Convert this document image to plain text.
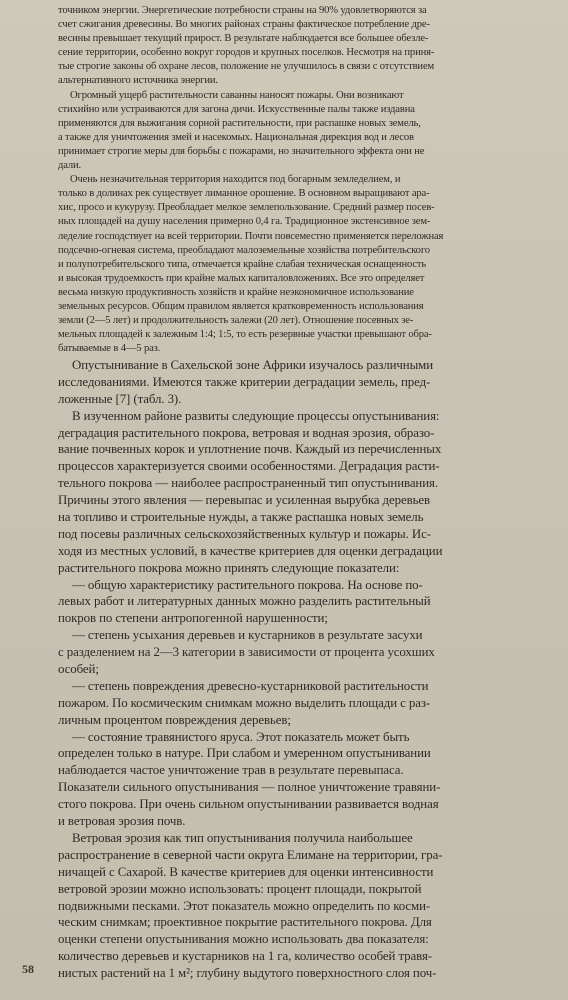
точником энергии. Энергетические потребности страны на 90% удовлетворяются за
счет сжигания древесины. Во многих районах страны фактическое потребление дре-
весины превышает текущий прирост. В результате наблюдается все большее обезле-
сение территории, особенно вокруг городов и крупных поселков. Несмотря на приня-
тые строгие законы об охране лесов, положение не улучшилось в связи с отсутствием
альтернативного источника энергии.
Огромный ущерб растительности саванны наносят пожары. Они возникают
стихийно или устраиваются для загона дичи. Искусственные палы также издавна
применяются для выжигания сорной растительности, при распашке новых земель,
а также для уничтожения змей и насекомых. Национальная дирекция вод и лесов
принимает строгие меры для борьбы с пожарами, но значительного эффекта они не
дали.
Очень незначительная территория находится под богарным земледелием, и
только в долинах рек существует лиманное орошение. В основном выращивают ара-
хис, просо и кукурузу. Преобладает мелкое землепользование. Средний размер посев-
ных площадей на душу населения примерно 0,4 га. Традиционное экстенсивное зем-
леделие господствует на всей территории. Почти повсеместно применяется переложная
подсечно-огневая система, преобладают малоземельные хозяйства потребительского
и полупотребительского типа, отмечается крайне слабая техническая оснащенность
и высокая трудоемкость при крайне малых капиталовложениях. Все это определяет
весьма низкую продуктивность хозяйств и крайне неэкономичное использование
земельных ресурсов. Общим правилом является кратковременность использования
земли (2—5 лет) и продолжительность залежи (20 лет). Отношение посевных зе-
мельных площадей к залежным 1:4; 1:5, то есть резервные участки превышают обра-
батываемые в 4—5 раз.
Опустынивание в Сахельской зоне Африки изучалось различными
исследованиями. Имеются также критерии деградации земель, пред-
ложенные [7] (табл. 3).
В изученном районе развиты следующие процессы опустынивания:
деградация растительного покрова, ветровая и водная эрозия, образо-
вание почвенных корок и уплотнение почв. Каждый из перечисленных
процессов характеризуется своими особенностями. Деградация расти-
тельного покрова — наиболее распространенный тип опустынивания.
Причины этого явления — перевыпас и усиленная вырубка деревьев
на топливо и строительные нужды, а также распашка новых земель
под посевы различных сельскохозяйственных культур и пожары. Ис-
ходя из местных условий, в качестве критериев для оценки деградации
растительного покрова можно принять следующие показатели:
— общую характеристику растительного покрова. На основе по-
левых работ и литературных данных можно разделить растительный
покров по степени антропогенной нарушенности;
— степень усыхания деревьев и кустарников в результате засухи
с разделением на 2—3 категории в зависимости от процента усохших
особей;
— степень повреждения древесно-кустарниковой растительности
пожаром. По космическим снимкам можно выделить площади с раз-
личным процентом повреждения деревьев;
— состояние травянистого яруса. Этот показатель может быть
определен только в натуре. При слабом и умеренном опустынивании
наблюдается частое уничтожение трав в результате перевыпаса.
Показатели сильного опустынивания — полное уничтожение травяни-
стого покрова. При очень сильном опустынивании развивается водная
и ветровая эрозия почв.
Ветровая эрозия как тип опустынивания получила наибольшее
распространение в северной части округа Елимане на территории, гра-
ничащей с Сахарой. В качестве критериев для оценки интенсивности
ветровой эрозии можно использовать: процент площади, покрытой
подвижными песками. Этот показатель можно определить по косми-
ческим снимкам; проективное покрытие растительного покрова. Для
оценки степени опустынивания можно использовать два показателя:
количество деревьев и кустарников на 1 га, количество особей травя-
нистых растений на 1 м²; глубину выдутого поверхностного слоя поч-
58
